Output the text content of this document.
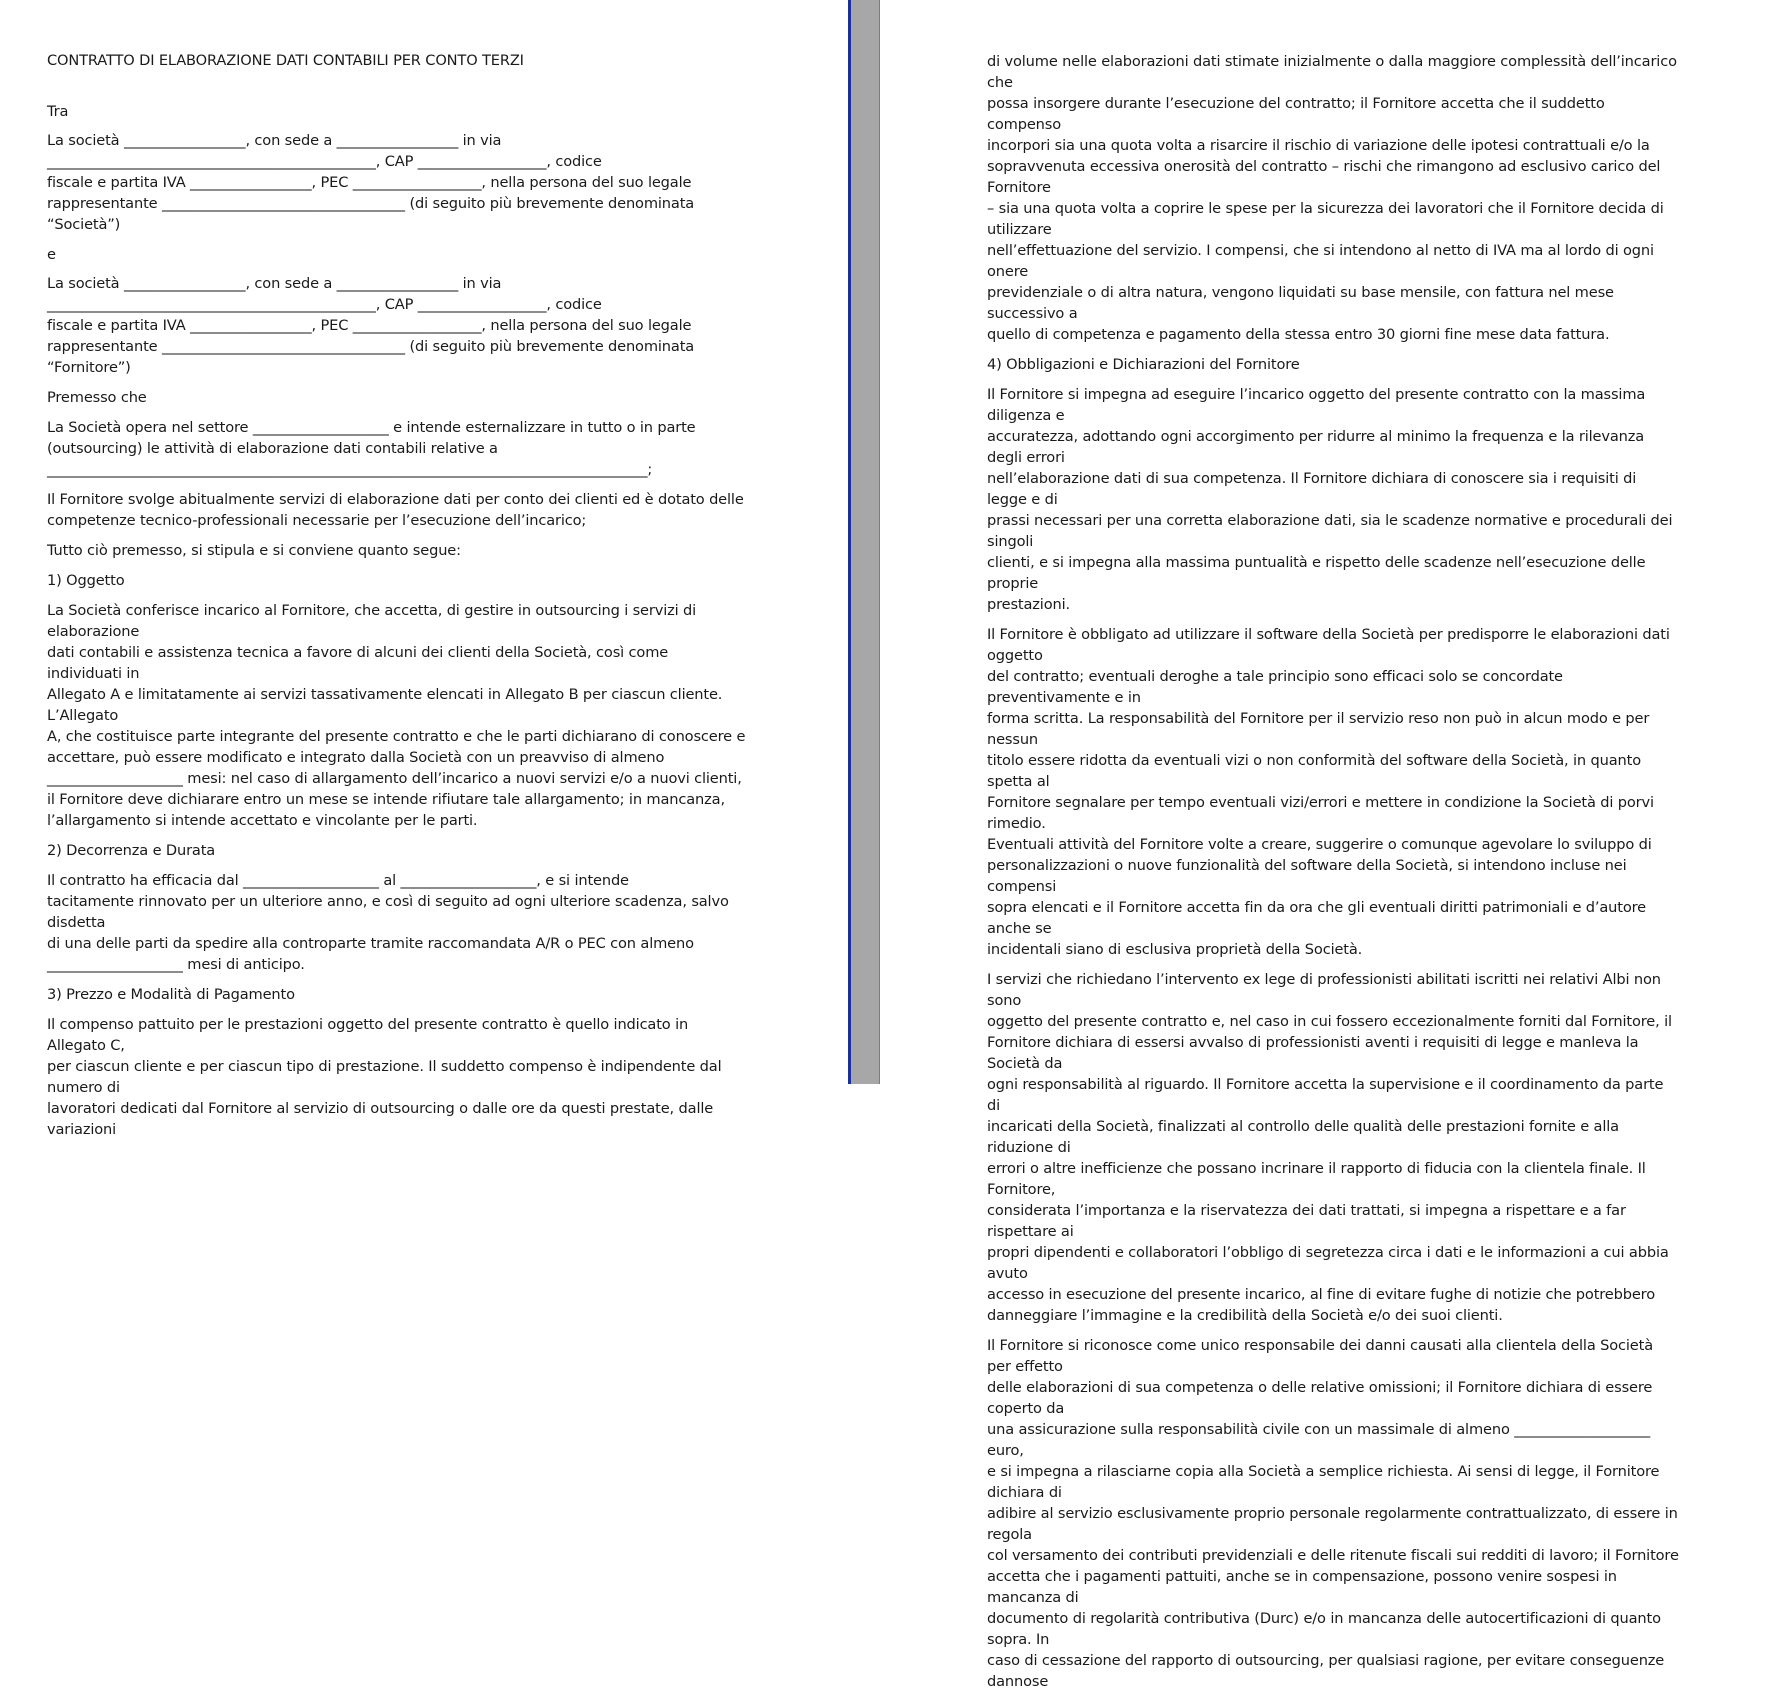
CONTRATTO DI ELABORAZIONE DATI CONTABILI PER CONTO TERZI

Tra

La società _________________, con sede a _________________ in via
______________________________________________, CAP __________________, codice
fiscale e partita IVA _________________, PEC __________________, nella persona del suo legale
rappresentante __________________________________ (di seguito più brevemente denominata
“Società”)

e

La società _________________, con sede a _________________ in via
______________________________________________, CAP __________________, codice
fiscale e partita IVA _________________, PEC __________________, nella persona del suo legale
rappresentante __________________________________ (di seguito più brevemente denominata
“Fornitore”)

Premesso che

La Società opera nel settore ___________________ e intende esternalizzare in tutto o in parte
(outsourcing) le attività di elaborazione dati contabili relative a
____________________________________________________________________________________;

Il Fornitore svolge abitualmente servizi di elaborazione dati per conto dei clienti ed è dotato delle
competenze tecnico-professionali necessarie per l’esecuzione dell’incarico;

Tutto ciò premesso, si stipula e si conviene quanto segue:

1) Oggetto

La Società conferisce incarico al Fornitore, che accetta, di gestire in outsourcing i servizi di elaborazione
dati contabili e assistenza tecnica a favore di alcuni dei clienti della Società, così come individuati in
Allegato A e limitatamente ai servizi tassativamente elencati in Allegato B per ciascun cliente. L’Allegato
A, che costituisce parte integrante del presente contratto e che le parti dichiarano di conoscere e
accettare, può essere modificato e integrato dalla Società con un preavviso di almeno
___________________ mesi: nel caso di allargamento dell’incarico a nuovi servizi e/o a nuovi clienti,
il Fornitore deve dichiarare entro un mese se intende rifiutare tale allargamento; in mancanza,
l’allargamento si intende accettato e vincolante per le parti.

2) Decorrenza e Durata

Il contratto ha efficacia dal ___________________ al ___________________, e si intende
tacitamente rinnovato per un ulteriore anno, e così di seguito ad ogni ulteriore scadenza, salvo disdetta
di una delle parti da spedire alla controparte tramite raccomandata A/R o PEC con almeno
___________________ mesi di anticipo.

3) Prezzo e Modalità di Pagamento

Il compenso pattuito per le prestazioni oggetto del presente contratto è quello indicato in Allegato C,
per ciascun cliente e per ciascun tipo di prestazione. Il suddetto compenso è indipendente dal numero di
lavoratori dedicati dal Fornitore al servizio di outsourcing o dalle ore da questi prestate, dalle variazioni

di volume nelle elaborazioni dati stimate inizialmente o dalla maggiore complessità dell’incarico che
possa insorgere durante l’esecuzione del contratto; il Fornitore accetta che il suddetto compenso
incorpori sia una quota volta a risarcire il rischio di variazione delle ipotesi contrattuali e/o la
sopravvenuta eccessiva onerosità del contratto – rischi che rimangono ad esclusivo carico del Fornitore
– sia una quota volta a coprire le spese per la sicurezza dei lavoratori che il Fornitore decida di utilizzare
nell’effettuazione del servizio. I compensi, che si intendono al netto di IVA ma al lordo di ogni onere
previdenziale o di altra natura, vengono liquidati su base mensile, con fattura nel mese successivo a
quello di competenza e pagamento della stessa entro 30 giorni fine mese data fattura.

4) Obbligazioni e Dichiarazioni del Fornitore

Il Fornitore si impegna ad eseguire l’incarico oggetto del presente contratto con la massima diligenza e
accuratezza, adottando ogni accorgimento per ridurre al minimo la frequenza e la rilevanza degli errori
nell’elaborazione dati di sua competenza. Il Fornitore dichiara di conoscere sia i requisiti di legge e di
prassi necessari per una corretta elaborazione dati, sia le scadenze normative e procedurali dei singoli
clienti, e si impegna alla massima puntualità e rispetto delle scadenze nell’esecuzione delle proprie
prestazioni.

Il Fornitore è obbligato ad utilizzare il software della Società per predisporre le elaborazioni dati oggetto
del contratto; eventuali deroghe a tale principio sono efficaci solo se concordate preventivamente e in
forma scritta. La responsabilità del Fornitore per il servizio reso non può in alcun modo e per nessun
titolo essere ridotta da eventuali vizi o non conformità del software della Società, in quanto spetta al
Fornitore segnalare per tempo eventuali vizi/errori e mettere in condizione la Società di porvi rimedio.
Eventuali attività del Fornitore volte a creare, suggerire o comunque agevolare lo sviluppo di
personalizzazioni o nuove funzionalità del software della Società, si intendono incluse nei compensi
sopra elencati e il Fornitore accetta fin da ora che gli eventuali diritti patrimoniali e d’autore anche se
incidentali siano di esclusiva proprietà della Società.

I servizi che richiedano l’intervento ex lege di professionisti abilitati iscritti nei relativi Albi non sono
oggetto del presente contratto e, nel caso in cui fossero eccezionalmente forniti dal Fornitore, il
Fornitore dichiara di essersi avvalso di professionisti aventi i requisiti di legge e manleva la Società da
ogni responsabilità al riguardo. Il Fornitore accetta la supervisione e il coordinamento da parte di
incaricati della Società, finalizzati al controllo delle qualità delle prestazioni fornite e alla riduzione di
errori o altre inefficienze che possano incrinare il rapporto di fiducia con la clientela finale. Il Fornitore,
considerata l’importanza e la riservatezza dei dati trattati, si impegna a rispettare e a far rispettare ai
propri dipendenti e collaboratori l’obbligo di segretezza circa i dati e le informazioni a cui abbia avuto
accesso in esecuzione del presente incarico, al fine di evitare fughe di notizie che potrebbero
danneggiare l’immagine e la credibilità della Società e/o dei suoi clienti.

Il Fornitore si riconosce come unico responsabile dei danni causati alla clientela della Società per effetto
delle elaborazioni di sua competenza o delle relative omissioni; il Fornitore dichiara di essere coperto da
una assicurazione sulla responsabilità civile con un massimale di almeno ___________________ euro,
e si impegna a rilasciarne copia alla Società a semplice richiesta. Ai sensi di legge, il Fornitore dichiara di
adibire al servizio esclusivamente proprio personale regolarmente contrattualizzato, di essere in regola
col versamento dei contributi previdenziali e delle ritenute fiscali sui redditi di lavoro; il Fornitore
accetta che i pagamenti pattuiti, anche se in compensazione, possono venire sospesi in mancanza di
documento di regolarità contributiva (Durc) e/o in mancanza delle autocertificazioni di quanto sopra. In
caso di cessazione del rapporto di outsourcing, per qualsiasi ragione, per evitare conseguenze dannose
